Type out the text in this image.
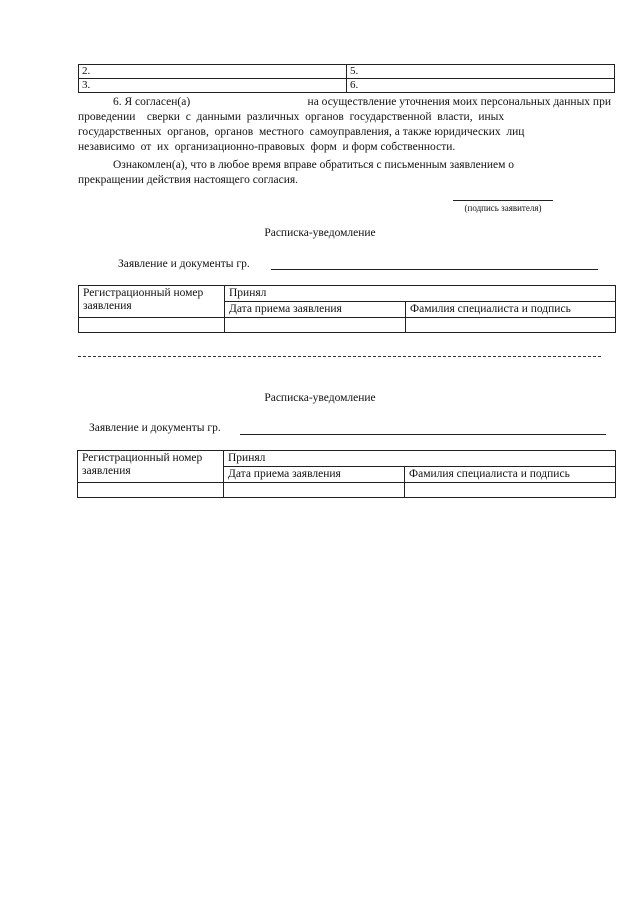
2.	5.
3.	6.
6. Я согласен(а)	на осуществление уточнения моих персональных данных при
проведении    сверки  с  данными  различных  органов  государственной  власти,  иных
государственных  органов,  органов  местного  самоуправления, а также юридических  лиц
независимо  от  их  организационно-правовых  форм  и форм собственности.
Ознакомлен(а), что в любое время вправе обратиться с письменным заявлением о
прекращении действия настоящего согласия.
(подпись заявителя)
Расписка-уведомление
Заявление и документы гр.
Регистрационный номер заявления	Принял	
	Дата приема заявления	Фамилия специалиста и подпись

Расписка-уведомление
Заявление и документы гр.
Регистрационный номер заявления	Принял	
	Дата приема заявления	Фамилия специалиста и подпись
